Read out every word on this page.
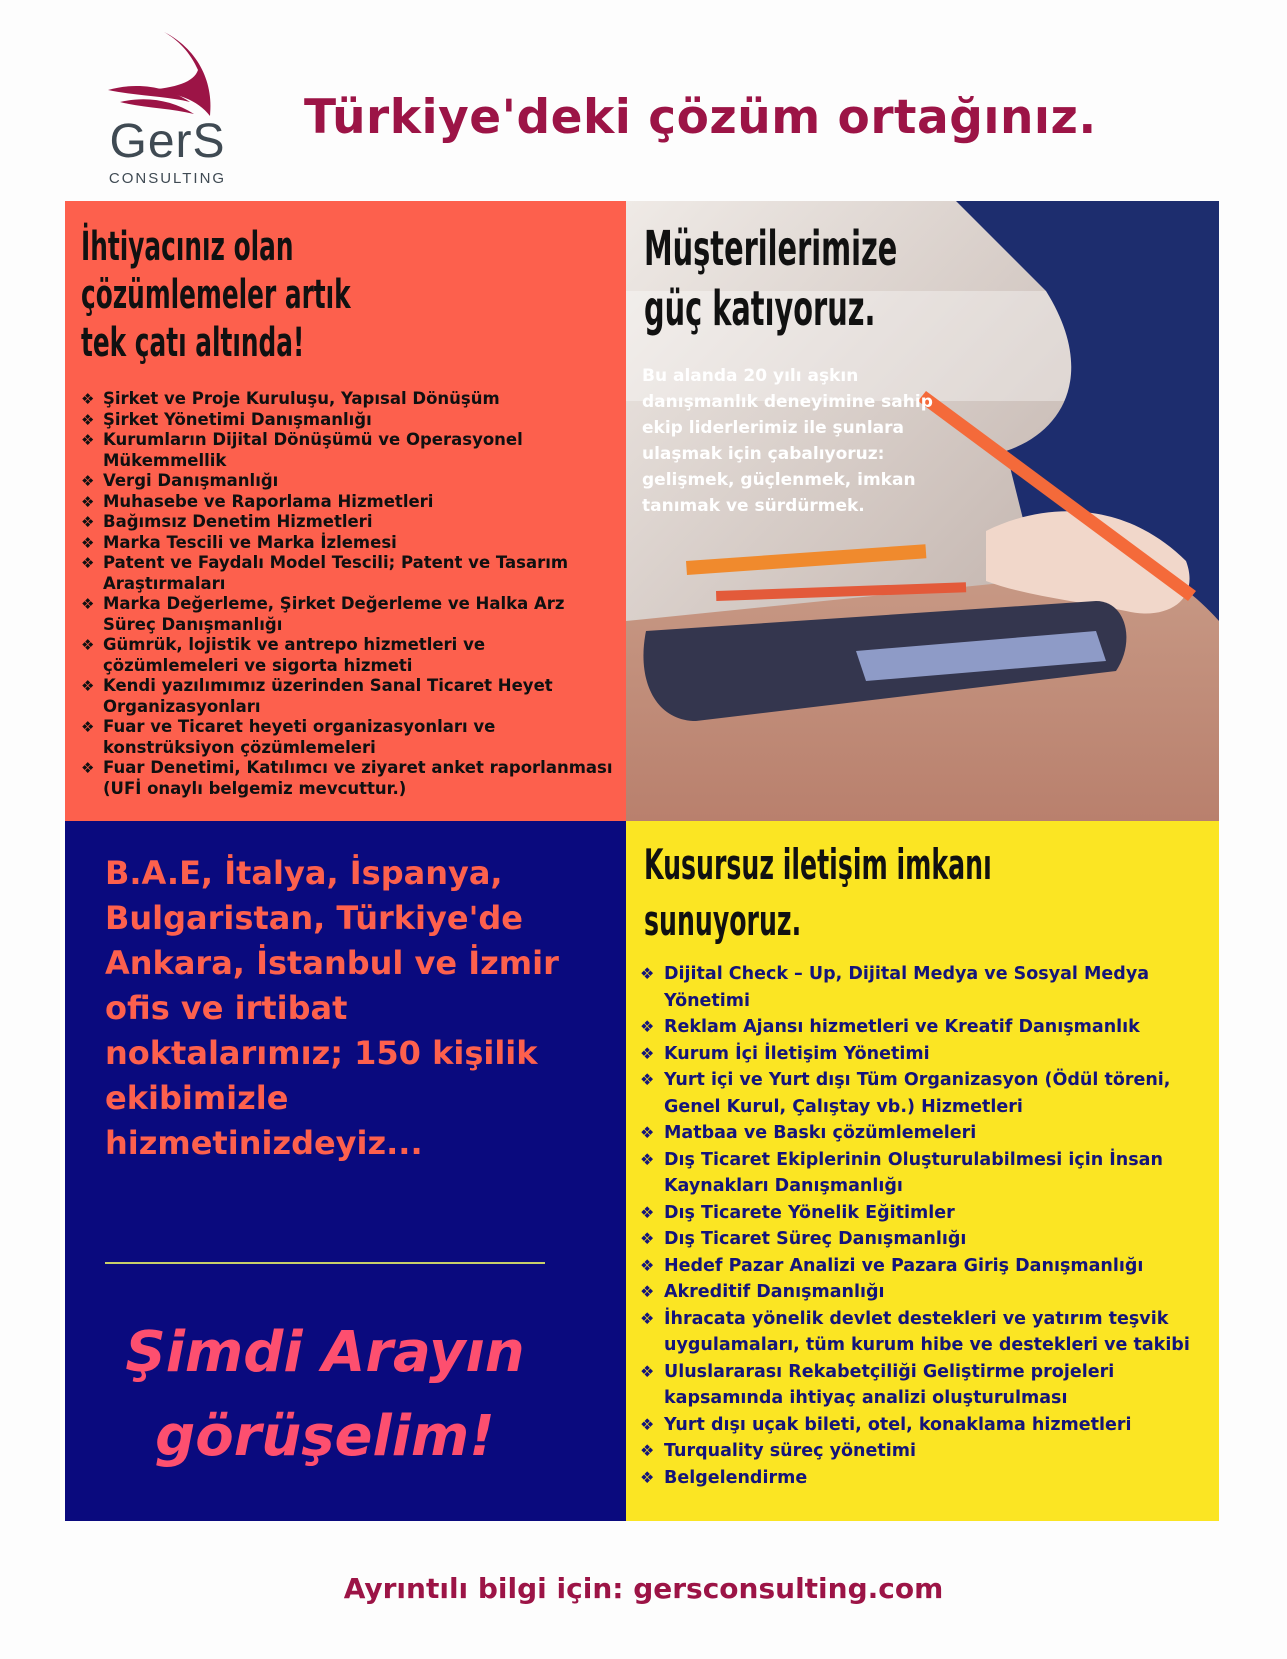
GerS
CONSULTING
Türkiye'deki çözüm ortağınız.
İhtiyacınız olan
çözümlemeler artık
tek çatı altında!
❖ Şirket ve Proje Kuruluşu, Yapısal Dönüşüm
❖ Şirket Yönetimi Danışmanlığı
❖ Kurumların Dijital Dönüşümü ve Operasyonel Mükemmellik
❖ Vergi Danışmanlığı
❖ Muhasebe ve Raporlama Hizmetleri
❖ Bağımsız Denetim Hizmetleri
❖ Marka Tescili ve Marka İzlemesi
❖ Patent ve Faydalı Model Tescili; Patent ve Tasarım Araştırmaları
❖ Marka Değerleme, Şirket Değerleme ve Halka Arz Süreç Danışmanlığı
❖ Gümrük, lojistik ve antrepo hizmetleri ve çözümlemeleri ve sigorta hizmeti
❖ Kendi yazılımımız üzerinden Sanal Ticaret Heyet Organizasyonları
❖ Fuar ve Ticaret heyeti organizasyonları ve konstrüksiyon çözümlemeleri
❖ Fuar Denetimi, Katılımcı ve ziyaret anket raporlanması (UFİ onaylı belgemiz mevcuttur.)
Müşterilerimize
güç katıyoruz.
Bu alanda 20 yılı aşkın danışmanlık deneyimine sahip ekip liderlerimiz ile şunlara ulaşmak için çabalıyoruz: gelişmek, güçlenmek, imkan tanımak ve sürdürmek.
B.A.E, İtalya, İspanya, Bulgaristan, Türkiye'de Ankara, İstanbul ve İzmir ofis ve irtibat noktalarımız; 150 kişilik ekibimizle hizmetinizdeyiz...
Şimdi Arayın görüşelim!
Kusursuz iletişim imkanı
sunuyoruz.
❖ Dijital Check – Up, Dijital Medya ve Sosyal Medya Yönetimi
❖ Reklam Ajansı hizmetleri ve Kreatif Danışmanlık
❖ Kurum İçi İletişim Yönetimi
❖ Yurt içi ve Yurt dışı Tüm Organizasyon (Ödül töreni, Genel Kurul, Çalıştay vb.) Hizmetleri
❖ Matbaa ve Baskı çözümlemeleri
❖ Dış Ticaret Ekiplerinin Oluşturulabilmesi için İnsan Kaynakları Danışmanlığı
❖ Dış Ticarete Yönelik Eğitimler
❖ Dış Ticaret Süreç Danışmanlığı
❖ Hedef Pazar Analizi ve Pazara Giriş Danışmanlığı
❖ Akreditif Danışmanlığı
❖ İhracata yönelik devlet destekleri ve yatırım teşvik uygulamaları, tüm kurum hibe ve destekleri ve takibi
❖ Uluslararası Rekabetçiliği Geliştirme projeleri kapsamında ihtiyaç analizi oluşturulması
❖ Yurt dışı uçak bileti, otel, konaklama hizmetleri
❖ Turquality süreç yönetimi
❖ Belgelendirme
Ayrıntılı bilgi için: gersconsulting.com
